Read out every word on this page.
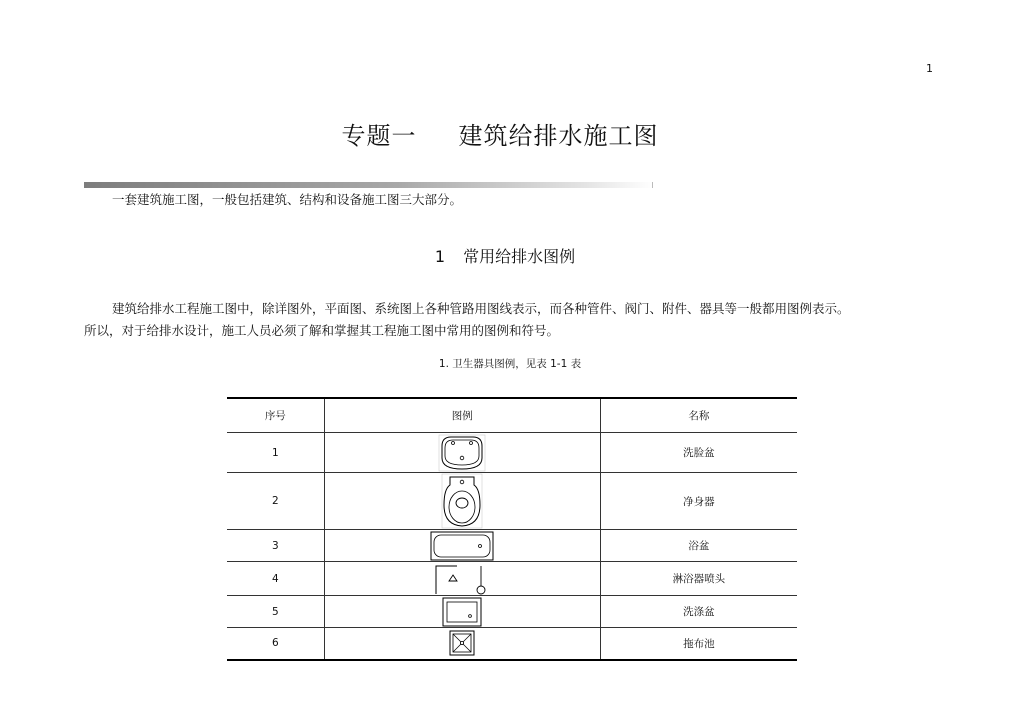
1
专题一 建筑给排水施工图

一套建筑施工图，一般包括建筑、结构和设备施工图三大部分。

1 常用给排水图例

建筑给排水工程施工图中，除详图外，平面图、系统图上各种管路用图线表示，而各种管件、阀门、附件、器具等一般都用图例表示。所以，对于给排水设计，施工人员必须了解和掌握其工程施工图中常用的图例和符号。

1. 卫生器具图例，见表 1-1 表

序号	图例	名称
1		洗脸盆
2		净身器
3		浴盆
4		淋浴器喷头
5		洗涤盆
6		拖布池
